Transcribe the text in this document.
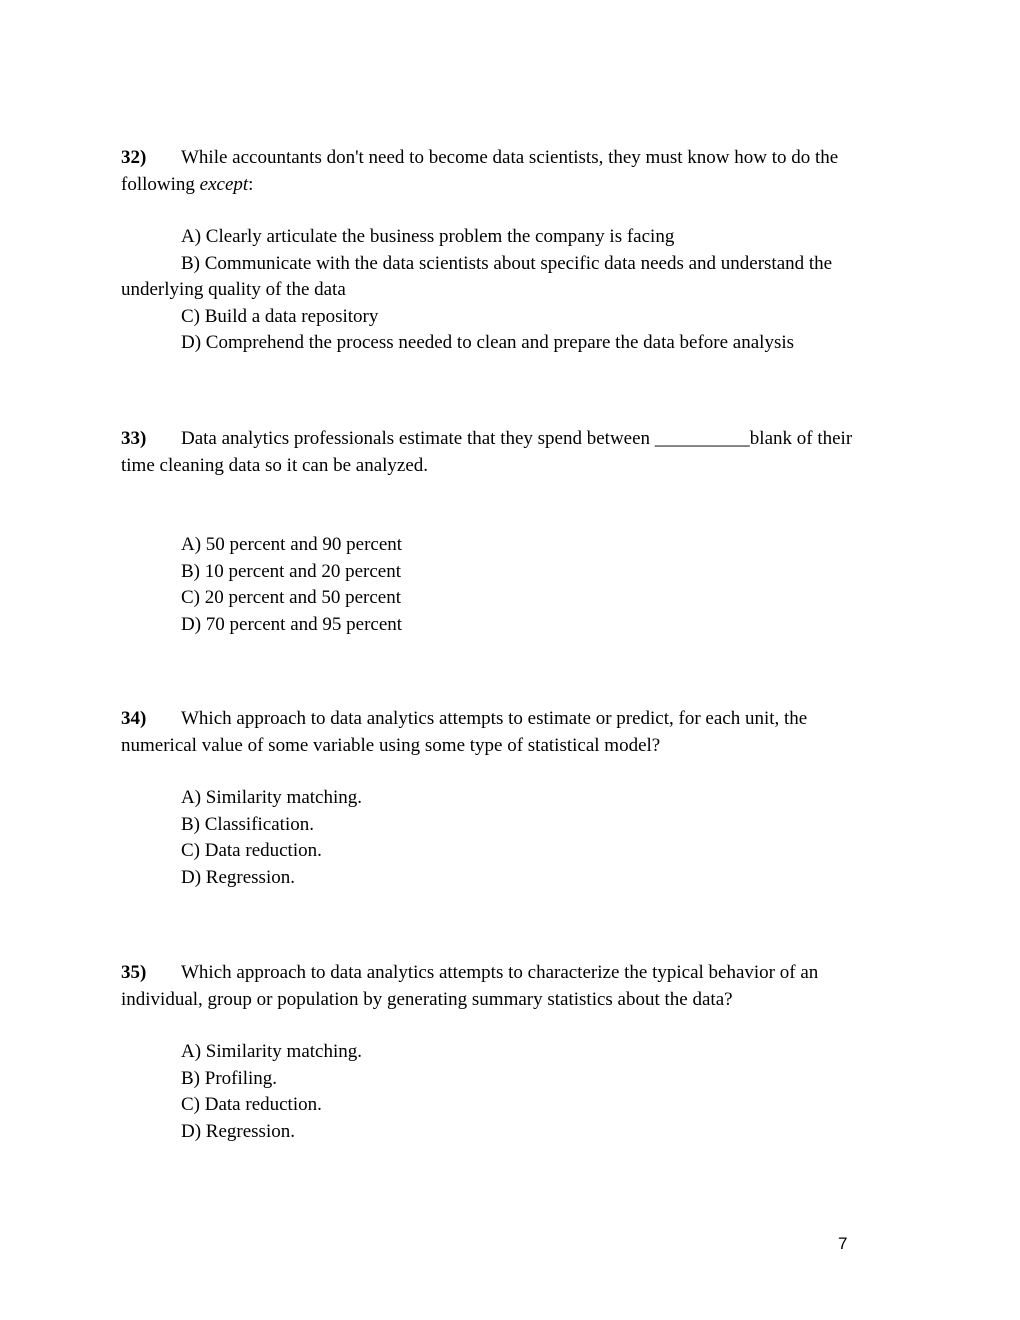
32) While accountants don't need to become data scientists, they must know how to do the
following except:
A) Clearly articulate the business problem the company is facing
B) Communicate with the data scientists about specific data needs and understand the
underlying quality of the data
C) Build a data repository
D) Comprehend the process needed to clean and prepare the data before analysis
33) Data analytics professionals estimate that they spend between __________blank of their
time cleaning data so it can be analyzed.
A) 50 percent and 90 percent
B) 10 percent and 20 percent
C) 20 percent and 50 percent
D) 70 percent and 95 percent
34) Which approach to data analytics attempts to estimate or predict, for each unit, the
numerical value of some variable using some type of statistical model?
A) Similarity matching.
B) Classification.
C) Data reduction.
D) Regression.
35) Which approach to data analytics attempts to characterize the typical behavior of an
individual, group or population by generating summary statistics about the data?
A) Similarity matching.
B) Profiling.
C) Data reduction.
D) Regression.
7
